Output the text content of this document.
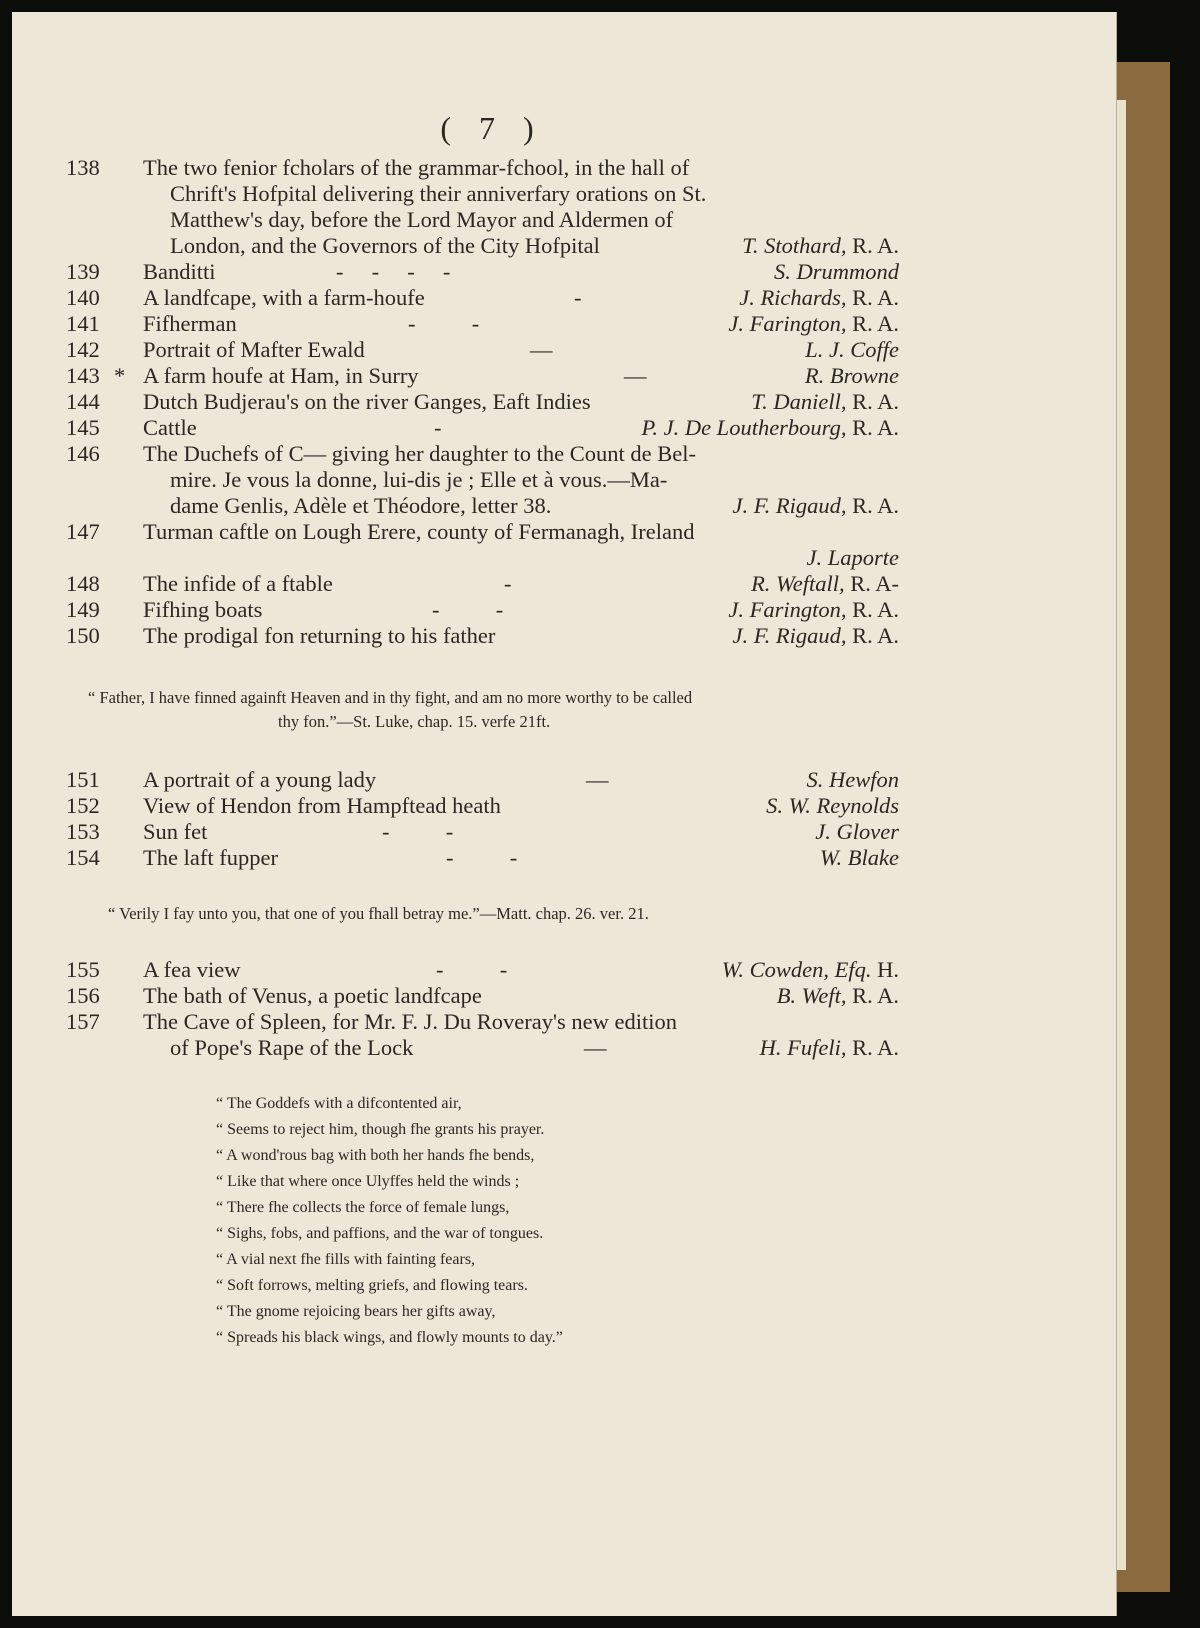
( 7 )
138 The two fenior fcholars of the grammar-fchool, in the hall of
Chrift's Hofpital delivering their anniverfary orations on St.
Matthew's day, before the Lord Mayor and Aldermen of
London, and the Governors of the City Hofpital	T. Stothard, R. A.
139 Banditti	-     -     -     -	S. Drummond
140 A landfcape, with a farm-houfe	-	J. Richards, R. A.
141 Fifherman	-          -	J. Farington, R. A.
142 Portrait of Mafter Ewald	—	L. J. Coffe
143 * A farm houfe at Ham, in Surry	—	R. Browne
144 Dutch Budjerau's on the river Ganges, Eaft Indies	T. Daniell, R. A.
145 Cattle	-	P. J. De Loutherbourg, R. A.
146 The Duchefs of C— giving her daughter to the Count de Bel-
mire. Je vous la donne, lui-dis je ; Elle et à vous.—Ma-
dame Genlis, Adèle et Théodore, letter 38.	J. F. Rigaud, R. A.
147 Turman caftle on Lough Erere, county of Fermanagh, Ireland
J. Laporte
148 The infide of a ftable	-	R. Weftall, R. A-
149 Fifhing boats	-          -	J. Farington, R. A.
150 The prodigal fon returning to his father	J. F. Rigaud, R. A.
“ Father, I have finned againft Heaven and in thy fight, and am no more worthy to be called
thy fon.”—St. Luke, chap. 15. verfe 21ft.
151 A portrait of a young lady	—	S. Hewfon
152 View of Hendon from Hampftead heath	S. W. Reynolds
153 Sun fet	-          -	J. Glover
154 The laft fupper	-          -	W. Blake
“ Verily I fay unto you, that one of you fhall betray me.”—Matt. chap. 26. ver. 21.
155 A fea view	-          -	W. Cowden, Efq. H.
156 The bath of Venus, a poetic landfcape	B. Weft, R. A.
157 The Cave of Spleen, for Mr. F. J. Du Roveray's new edition
of Pope's Rape of the Lock	—	H. Fufeli, R. A.
“ The Goddefs with a difcontented air,
“ Seems to reject him, though fhe grants his prayer.
“ A wond'rous bag with both her hands fhe bends,
“ Like that where once Ulyffes held the winds ;
“ There fhe collects the force of female lungs,
“ Sighs, fobs, and paffions, and the war of tongues.
“ A vial next fhe fills with fainting fears,
“ Soft forrows, melting griefs, and flowing tears.
“ The gnome rejoicing bears her gifts away,
“ Spreads his black wings, and flowly mounts to day.”
